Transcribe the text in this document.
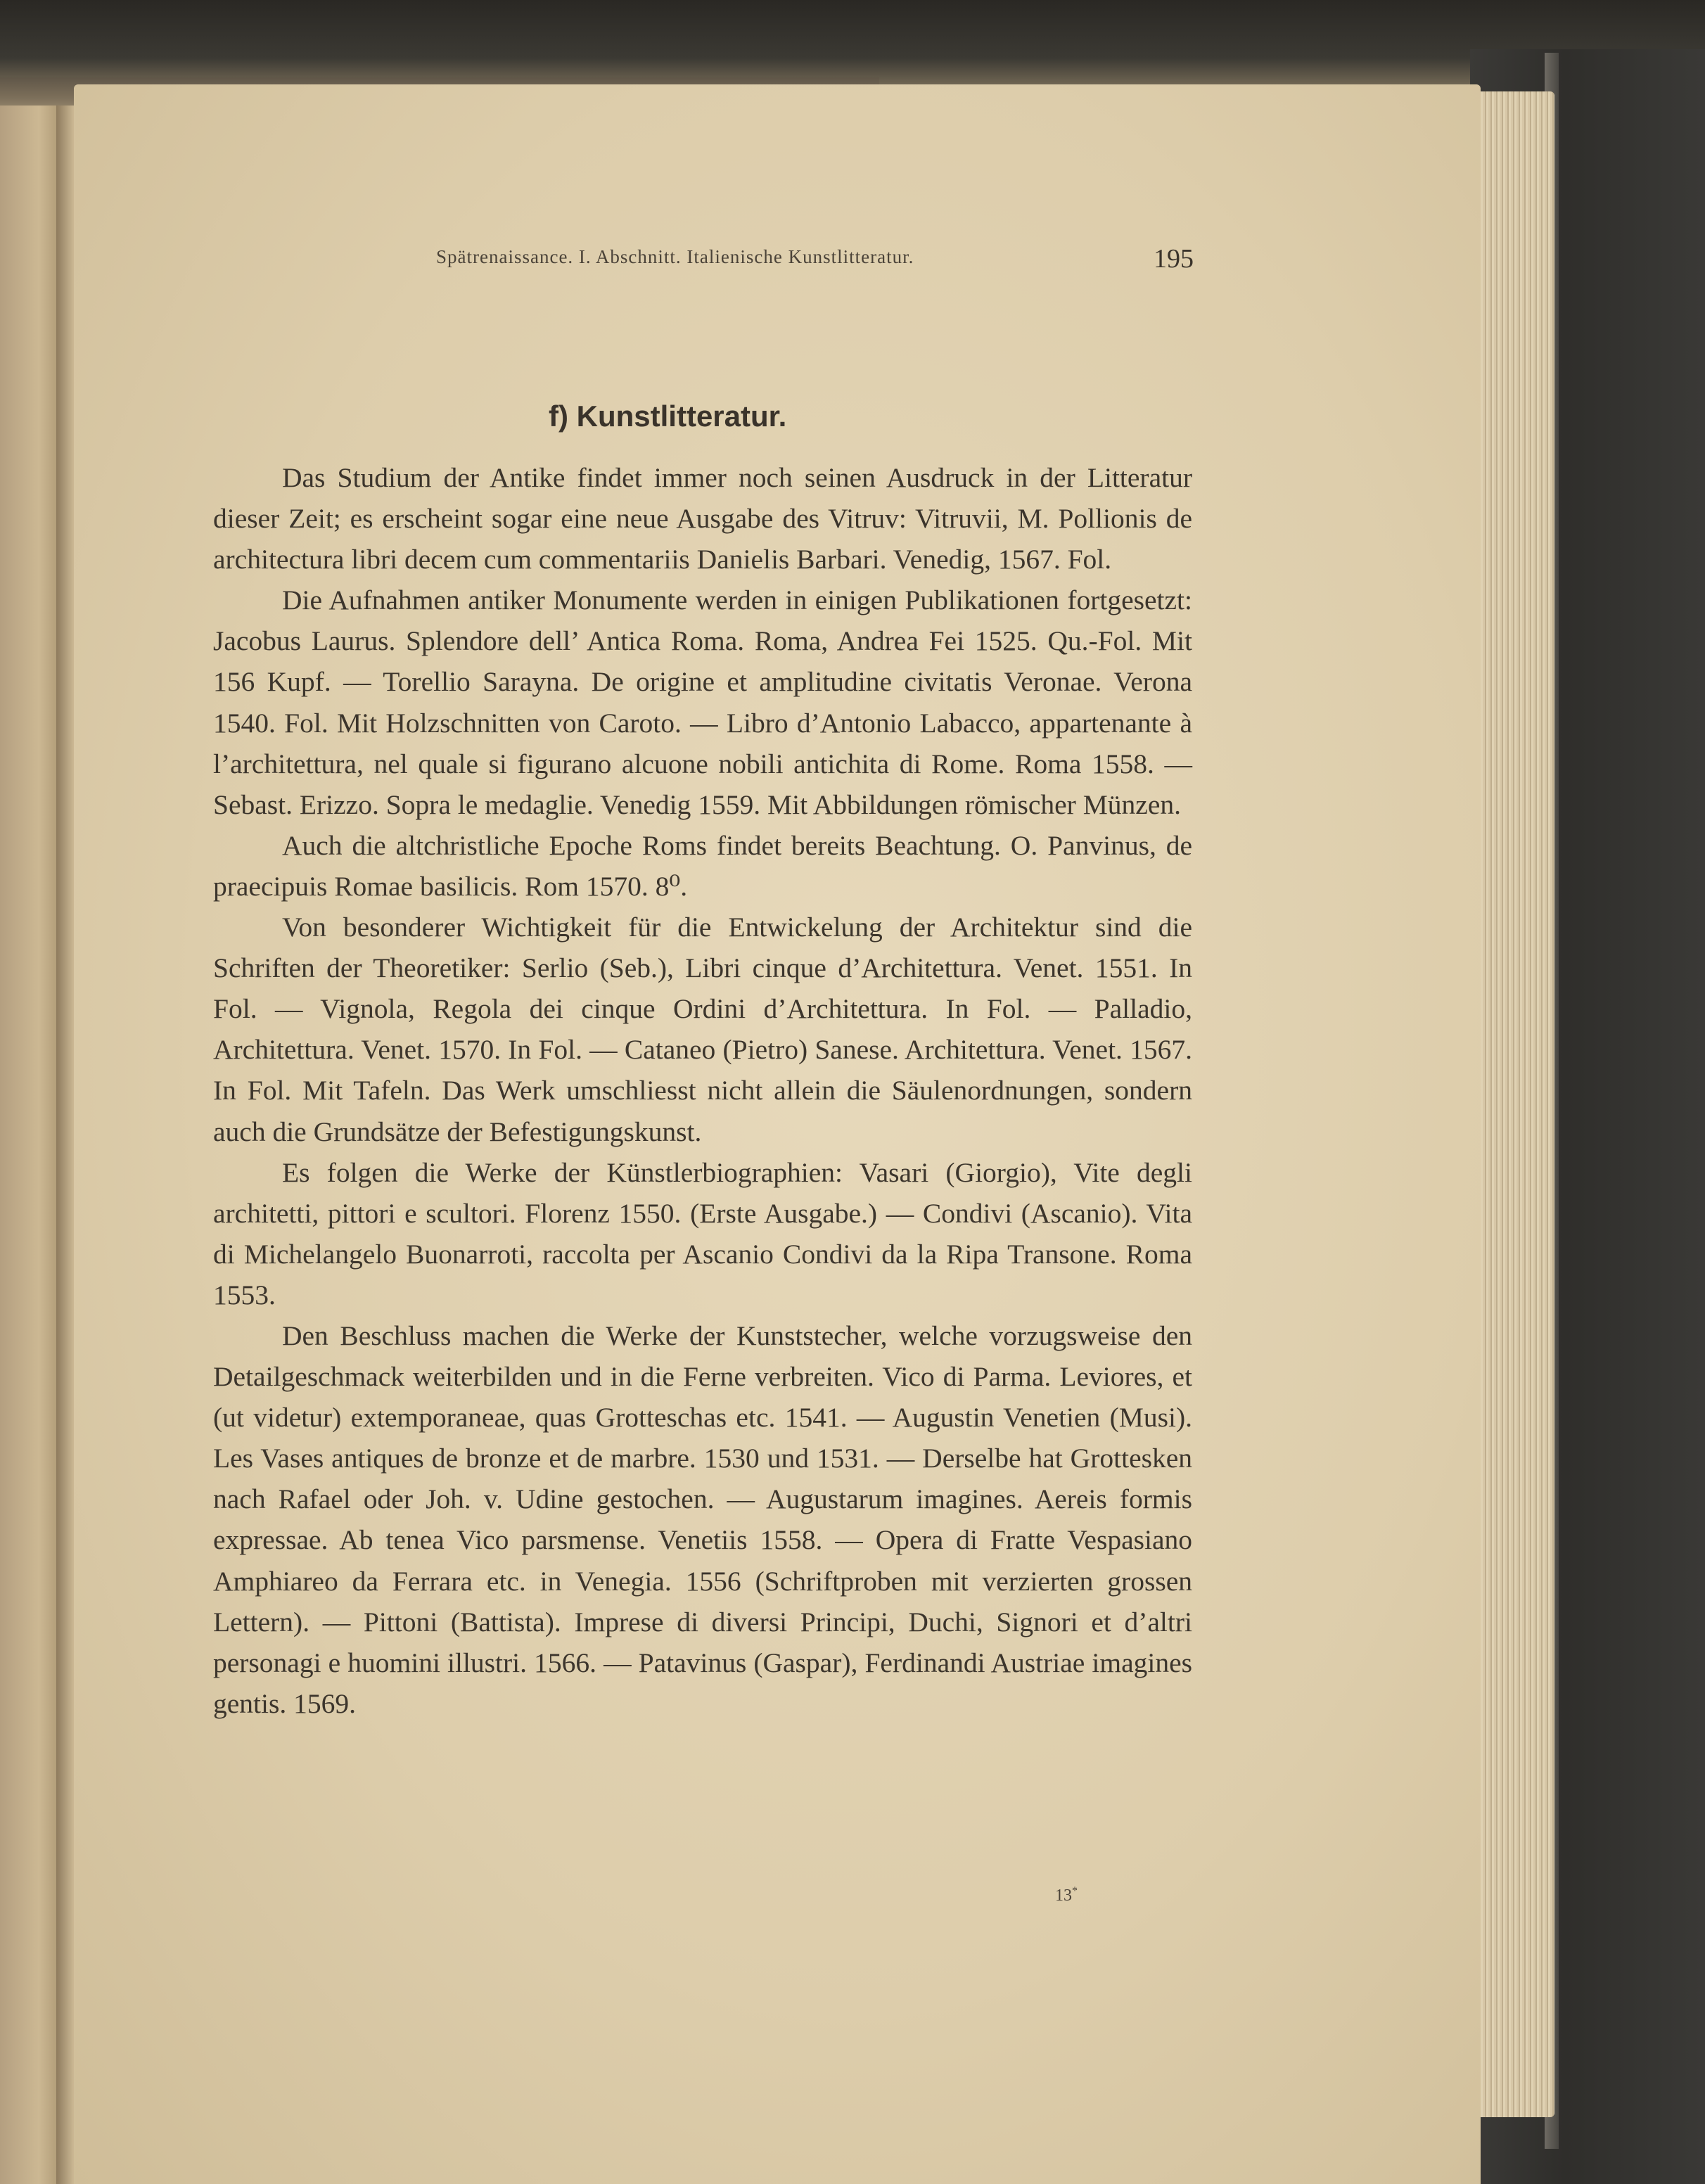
Spätrenaissance. I. Abschnitt. Italienische Kunstlitteratur.	195
f) Kunstlitteratur.

Das Studium der Antike findet immer noch seinen Ausdruck in der Litteratur dieser Zeit; es erscheint sogar eine neue Ausgabe des Vitruv: Vitruvii, M. Pollionis de architectura libri decem cum commentariis Danielis Barbari. Venedig, 1567. Fol.

Die Aufnahmen antiker Monumente werden in einigen Publikationen fortgesetzt: Jacobus Laurus. Splendore dell’ Antica Roma. Roma, Andrea Fei 1525. Qu.-Fol. Mit 156 Kupf. — Torellio Sarayna. De origine et amplitudine civitatis Veronae. Verona 1540. Fol. Mit Holzschnitten von Caroto. — Libro d’Antonio Labacco, appartenante à l’architettura, nel quale si figurano alcuone nobili antichita di Rome. Roma 1558. — Sebast. Erizzo. Sopra le medaglie. Venedig 1559. Mit Abbildungen römischer Münzen.

Auch die altchristliche Epoche Roms findet bereits Beachtung. O. Panvinus, de praecipuis Romae basilicis. Rom 1570. 8⁰.

Von besonderer Wichtigkeit für die Entwickelung der Architektur sind die Schriften der Theoretiker: Serlio (Seb.), Libri cinque d’Architettura. Venet. 1551. In Fol. — Vignola, Regola dei cinque Ordini d’Architettura. In Fol. — Palladio, Architettura. Venet. 1570. In Fol. — Cataneo (Pietro) Sanese. Architettura. Venet. 1567. In Fol. Mit Tafeln. Das Werk umschliesst nicht allein die Säulenordnungen, sondern auch die Grundsätze der Befestigungskunst.

Es folgen die Werke der Künstlerbiographien: Vasari (Giorgio), Vite degli architetti, pittori e scultori. Florenz 1550. (Erste Ausgabe.) — Condivi (Ascanio). Vita di Michelangelo Buonarroti, raccolta per Ascanio Condivi da la Ripa Transone. Roma 1553.

Den Beschluss machen die Werke der Kunststecher, welche vorzugsweise den Detailgeschmack weiterbilden und in die Ferne verbreiten. Vico di Parma. Leviores, et (ut videtur) extemporaneae, quas Grotteschas etc. 1541. — Augustin Venetien (Musi). Les Vases antiques de bronze et de marbre. 1530 und 1531. — Derselbe hat Grottesken nach Rafael oder Joh. v. Udine gestochen. — Augustarum imagines. Aereis formis expressae. Ab tenea Vico parsmense. Venetiis 1558. — Opera di Fratte Vespasiano Amphiareo da Ferrara etc. in Venegia. 1556 (Schriftproben mit verzierten grossen Lettern). — Pittoni (Battista). Imprese di diversi Principi, Duchi, Signori et d’altri personagi e huomini illustri. 1566. — Patavinus (Gaspar), Ferdinandi Austriae imagines gentis. 1569.

13*
